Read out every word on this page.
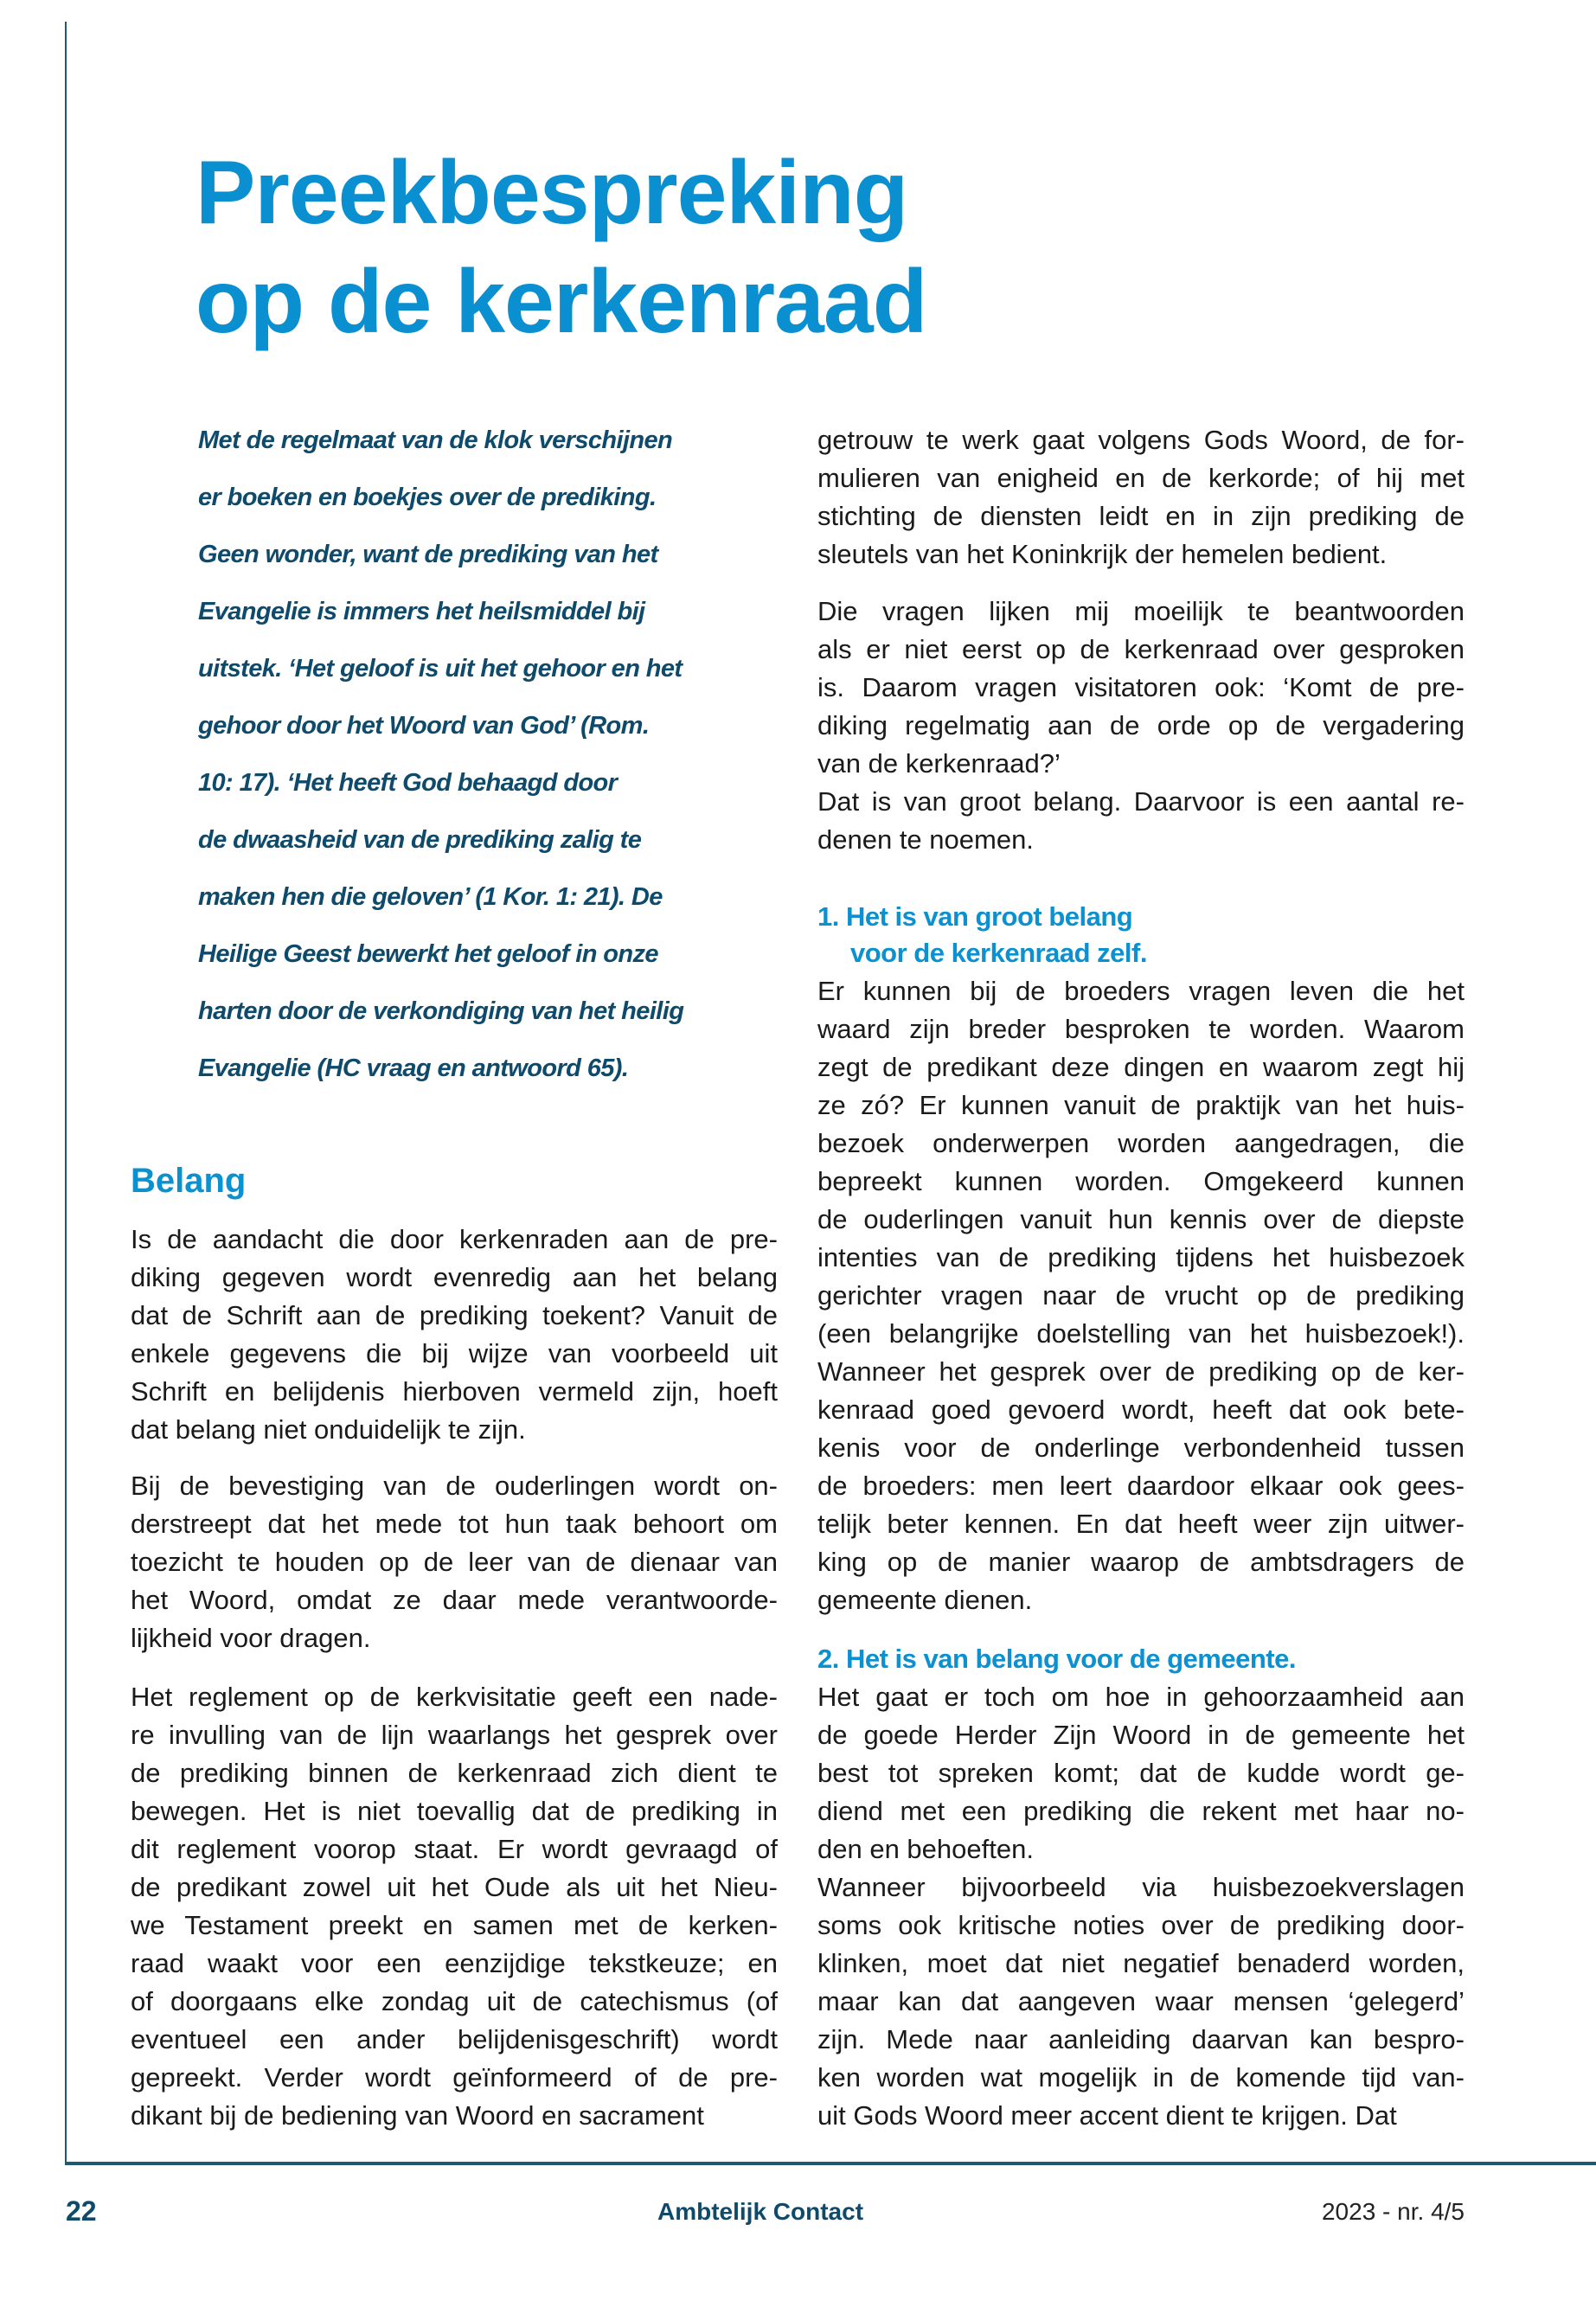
Preekbespreking
op de kerkenraad
Met de regelmaat van de klok verschijnen
er boeken en boekjes over de prediking.
Geen wonder, want de prediking van het
Evangelie is immers het heilsmiddel bij
uitstek. ‘Het geloof is uit het gehoor en het
gehoor door het Woord van God’ (Rom.
10: 17). ‘Het heeft God behaagd door
de dwaasheid van de prediking zalig te
maken hen die geloven’ (1 Kor. 1: 21). De
Heilige Geest bewerkt het geloof in onze
harten door de verkondiging van het heilig
Evangelie (HC vraag en antwoord 65).
Belang
Is de aandacht die door kerkenraden aan de pre-
diking gegeven wordt evenredig aan het belang
dat de Schrift aan de prediking toekent? Vanuit de
enkele gegevens die bij wijze van voorbeeld uit
Schrift en belijdenis hierboven vermeld zijn, hoeft
dat belang niet onduidelijk te zijn.
Bij de bevestiging van de ouderlingen wordt on-
derstreept dat het mede tot hun taak behoort om
toezicht te houden op de leer van de dienaar van
het Woord, omdat ze daar mede verantwoorde-
lijkheid voor dragen.
Het reglement op de kerkvisitatie geeft een nade-
re invulling van de lijn waarlangs het gesprek over
de prediking binnen de kerkenraad zich dient te
bewegen. Het is niet toevallig dat de prediking in
dit reglement voorop staat. Er wordt gevraagd of
de predikant zowel uit het Oude als uit het Nieu-
we Testament preekt en samen met de kerken-
raad waakt voor een eenzijdige tekstkeuze; en
of doorgaans elke zondag uit de catechismus (of
eventueel een ander belijdenisgeschrift) wordt
gepreekt. Verder wordt geïnformeerd of de pre-
dikant bij de bediening van Woord en sacrament
getrouw te werk gaat volgens Gods Woord, de for-
mulieren van enigheid en de kerkorde; of hij met
stichting de diensten leidt en in zijn prediking de
sleutels van het Koninkrijk der hemelen bedient.
Die vragen lijken mij moeilijk te beantwoorden
als er niet eerst op de kerkenraad over gesproken
is. Daarom vragen visitatoren ook: ‘Komt de pre-
diking regelmatig aan de orde op de vergadering
van de kerkenraad?’
Dat is van groot belang. Daarvoor is een aantal re-
denen te noemen.
1. Het is van groot belang
voor de kerkenraad zelf.
Er kunnen bij de broeders vragen leven die het
waard zijn breder besproken te worden. Waarom
zegt de predikant deze dingen en waarom zegt hij
ze zó? Er kunnen vanuit de praktijk van het huis-
bezoek onderwerpen worden aangedragen, die
bepreekt kunnen worden. Omgekeerd kunnen
de ouderlingen vanuit hun kennis over de diepste
intenties van de prediking tijdens het huisbezoek
gerichter vragen naar de vrucht op de prediking
(een belangrijke doelstelling van het huisbezoek!).
Wanneer het gesprek over de prediking op de ker-
kenraad goed gevoerd wordt, heeft dat ook bete-
kenis voor de onderlinge verbondenheid tussen
de broeders: men leert daardoor elkaar ook gees-
telijk beter kennen. En dat heeft weer zijn uitwer-
king op de manier waarop de ambtsdragers de
gemeente dienen.
2. Het is van belang voor de gemeente.
Het gaat er toch om hoe in gehoorzaamheid aan
de goede Herder Zijn Woord in de gemeente het
best tot spreken komt; dat de kudde wordt ge-
diend met een prediking die rekent met haar no-
den en behoeften.
Wanneer bijvoorbeeld via huisbezoekverslagen
soms ook kritische noties over de prediking door-
klinken, moet dat niet negatief benaderd worden,
maar kan dat aangeven waar mensen ‘gelegerd’
zijn. Mede naar aanleiding daarvan kan bespro-
ken worden wat mogelijk in de komende tijd van-
uit Gods Woord meer accent dient te krijgen. Dat
22	Ambtelijk Contact	2023 - nr. 4/5
